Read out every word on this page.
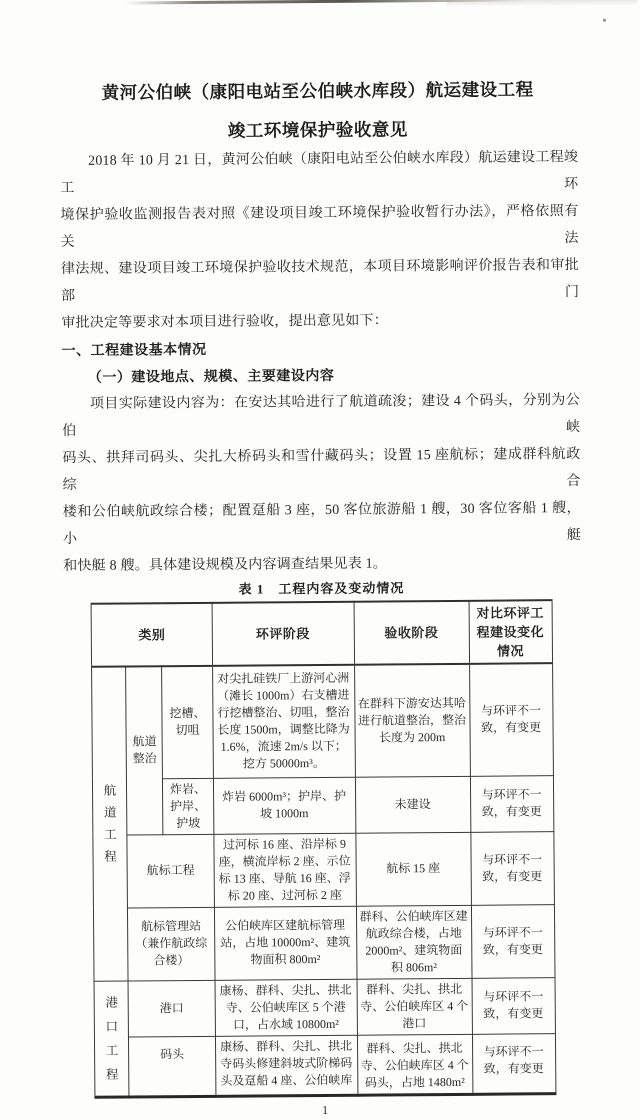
黄河公伯峡（康阳电站至公伯峡水库段）航运建设工程
竣工环境保护验收意见
2018 年 10 月 21 日，黄河公伯峡（康阳电站至公伯峡水库段）航运建设工程竣工环
境保护验收监测报告表对照《建设项目竣工环境保护验收暂行办法》，严格依照有关法
律法规、建设项目竣工环境保护验收技术规范，本项目环境影响评价报告表和审批部门
审批决定等要求对本项目进行验收，提出意见如下：
一、工程建设基本情况
（一）建设地点、规模、主要建设内容
项目实际建设内容为：在安达其哈进行了航道疏浚；建设 4 个码头，分别为公伯峡
码头、拱拜司码头、尖扎大桥码头和雪什藏码头；设置 15 座航标；建成群科航政综合
楼和公伯峡航政综合楼；配置趸船 3 座，50 客位旅游船 1 艘，30 客位客船 1 艘，小艇
和快艇 8 艘。具体建设规模及内容调查结果见表 1。
表 1　工程内容及变动情况
类别			环评阶段	验收阶段	对比环评工程建设变化情况

航道工程	航道整治	挖槽、切咀	对尖扎硅铁厂上游河心洲（滩长 1000m）右支槽进行挖槽整治、切咀，整治长度 1500m，调整比降为 1.6%，流速 2m/s 以下；挖方 50000m³。	在群科下游安达其哈进行航道整治，整治长度为 200m	与环评不一致，有变更
		炸岩、护岸、护坡	炸岩 6000m³；护岸、护坡 1000m	未建设	与环评不一致，有变更
	航标工程		过河标 16 座、沿岸标 9 座，横流岸标 2 座、示位标 13 座、导航 16 座、浮标 20 座、过河标 2 座	航标 15 座	与环评不一致，有变更
	航标管理站（兼作航政综合楼）		公伯峡库区建航标管理站，占地 10000m²、建筑物面积 800m²	群科、公伯峡库区建航政综合楼，占地 2000m²、建筑物面积 806m²	与环评不一致，有变更

港口工程	港口		康杨、群科、尖扎、拱北寺、公伯峡库区 5 个港口，占水域 10800m²	群科、尖扎、拱北寺、公伯峡库区 4 个港口	与环评不一致，有变更

	码头		康杨、群科、尖扎、拱北寺码头修建斜坡式阶梯码头及趸船 4 座、公伯峡库	群科、尖扎、拱北寺、公伯峡库区 4 个码头，占地 1480m²	与环评不一致，有变更
1
